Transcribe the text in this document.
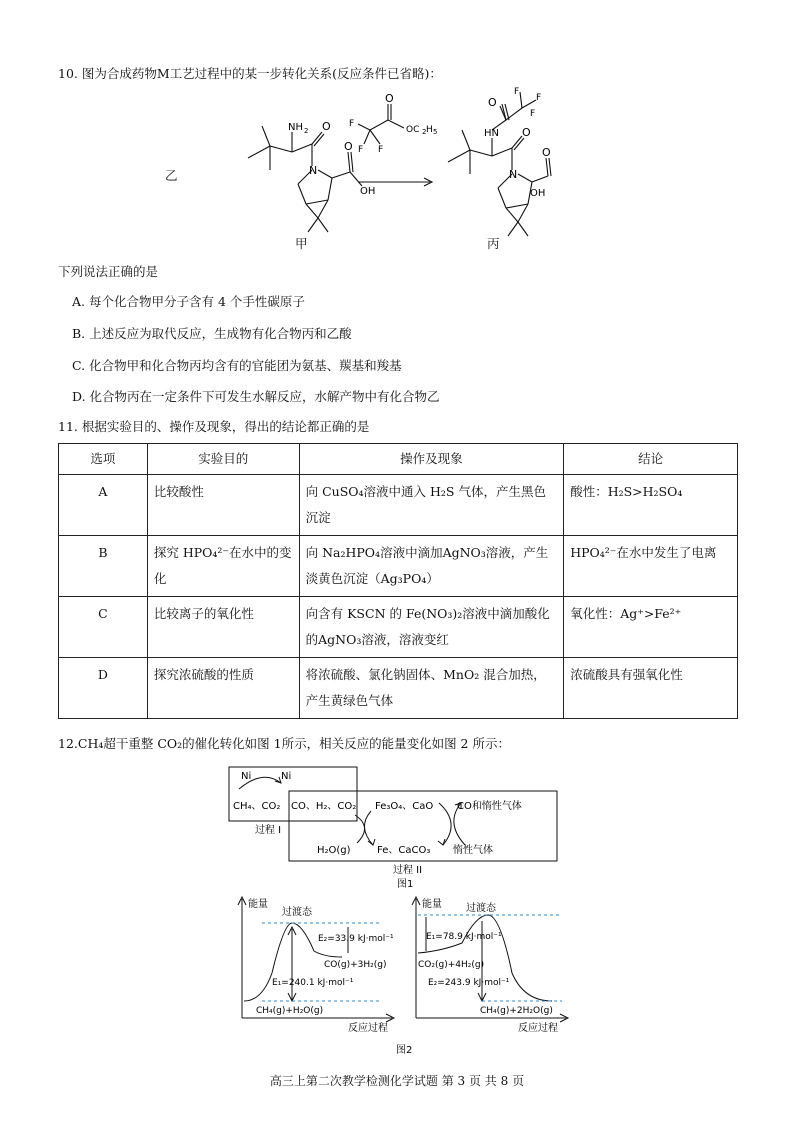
10. 图为合成药物M工艺过程中的某一步转化关系(反应条件已省略)：
NH 2 O
N
O
OH
O
OC 2 H 5
F
F F
HN
O
F
F
F
O
N
O
OH
乙
甲	丙
下列说法正确的是
A. 每个化合物甲分子含有 4 个手性碳原子
B. 上述反应为取代反应，生成物有化合物丙和乙酸
C. 化合物甲和化合物丙均含有的官能团为氨基、羰基和羧基
D. 化合物丙在一定条件下可发生水解反应，水解产物中有化合物乙
11. 根据实验目的、操作及现象，得出的结论都正确的是
选项	实验目的	操作及现象	结论
A	比较酸性	向 CuSO₄溶液中通入 H₂S 气体，产生黑色沉淀	酸性：H₂S>H₂SO₄
B	探究 HPO₄²⁻在水中的变化	向 Na₂HPO₄溶液中滴加AgNO₃溶液，产生淡黄色沉淀（Ag₃PO₄）	HPO₄²⁻在水中发生了电离
C	比较离子的氧化性	向含有 KSCN 的 Fe(NO₃)₂溶液中滴加酸化的AgNO₃溶液，溶液变红	氧化性：Ag⁺>Fe²⁺
D	探究浓硫酸的性质	将浓硫酸、氯化钠固体、MnO₂ 混合加热，产生黄绿色气体	浓硫酸具有强氧化性
12.CH₄超干重整 CO₂的催化转化如图 1所示，相关反应的能量变化如图 2 所示：
Ni	Ni
CH₄、CO₂ CO、H₂、CO₂ Fe₃O₄、CaO CO和惰性气体
H₂O(g)	Fe、CaCO₃ 惰性气体
过程 I
过程 II
图1
能量
过渡态
E₂=33.9 kJ·mol⁻¹
CO(g)+3H₂(g)
E₁=240.1 kJ·mol⁻¹
CH₄(g)+H₂O(g)
反应过程
能量 过渡态
E₁=78.9 kJ·mol⁻¹
CO₂(g)+4H₂(g)
E₂=243.9 kJ·mol⁻¹
CH₄(g)+2H₂O(g)
反应过程
图2
高三上第二次教学检测化学试题 第 3 页 共 8 页
